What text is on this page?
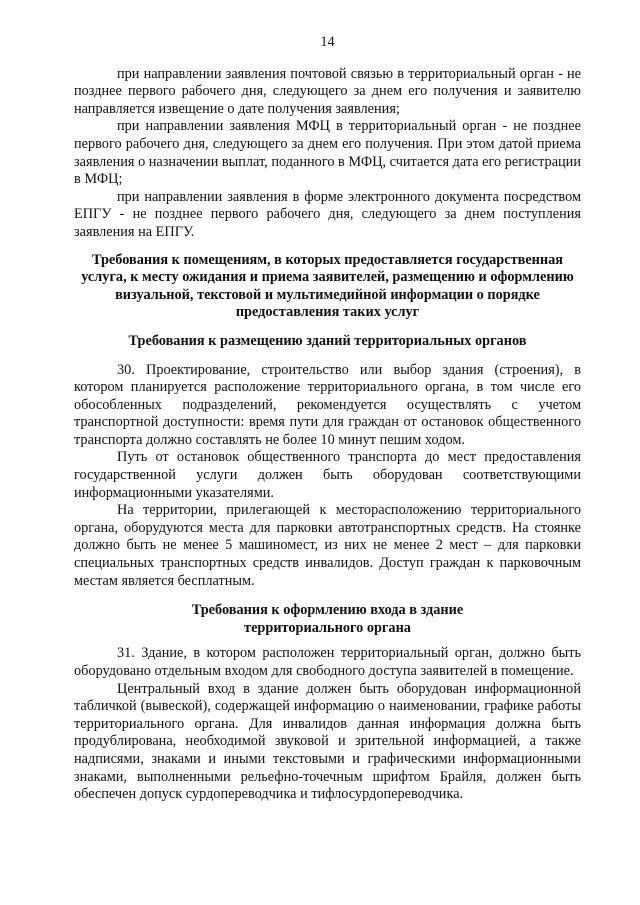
14

при направлении заявления почтовой связью в территориальный орган - не позднее первого рабочего дня, следующего за днем его получения и заявителю направляется извещение о дате получения заявления;

при направлении заявления МФЦ в территориальный орган - не позднее первого рабочего дня, следующего за днем его получения. При этом датой приема заявления о назначении выплат, поданного в МФЦ, считается дата его регистрации в МФЦ;

при направлении заявления в форме электронного документа посредством ЕПГУ - не позднее первого рабочего дня, следующего за днем поступления заявления на ЕПГУ.

Требования к помещениям, в которых предоставляется государственная услуга, к месту ожидания и приема заявителей, размещению и оформлению визуальной, текстовой и мультимедийной информации о порядке предоставления таких услуг
Требования к размещению зданий территориальных органов

30. Проектирование, строительство или выбор здания (строения), в котором планируется расположение территориального органа, в том числе его обособленных подразделений, рекомендуется осуществлять с учетом транспортной доступности: время пути для граждан от остановок общественного транспорта должно составлять не более 10 минут пешим ходом.

Путь от остановок общественного транспорта до мест предоставления государственной услуги должен быть оборудован соответствующими информационными указателями.

На территории, прилегающей к месторасположению территориального органа, оборудуются места для парковки автотранспортных средств. На стоянке должно быть не менее 5 машиномест, из них не менее 2 мест – для парковки специальных транспортных средств инвалидов. Доступ граждан к парковочным местам является бесплатным.

Требования к оформлению входа в здание
территориального органа

31. Здание, в котором расположен территориальный орган, должно быть оборудовано отдельным входом для свободного доступа заявителей в помещение.

Центральный вход в здание должен быть оборудован информационной табличкой (вывеской), содержащей информацию о наименовании, графике работы территориального органа. Для инвалидов данная информация должна быть продублирована, необходимой звуковой и зрительной информацией, а также надписями, знаками и иными текстовыми и графическими информационными знаками, выполненными рельефно-точечным шрифтом Брайля, должен быть обеспечен допуск сурдопереводчика и тифлосурдопереводчика.
